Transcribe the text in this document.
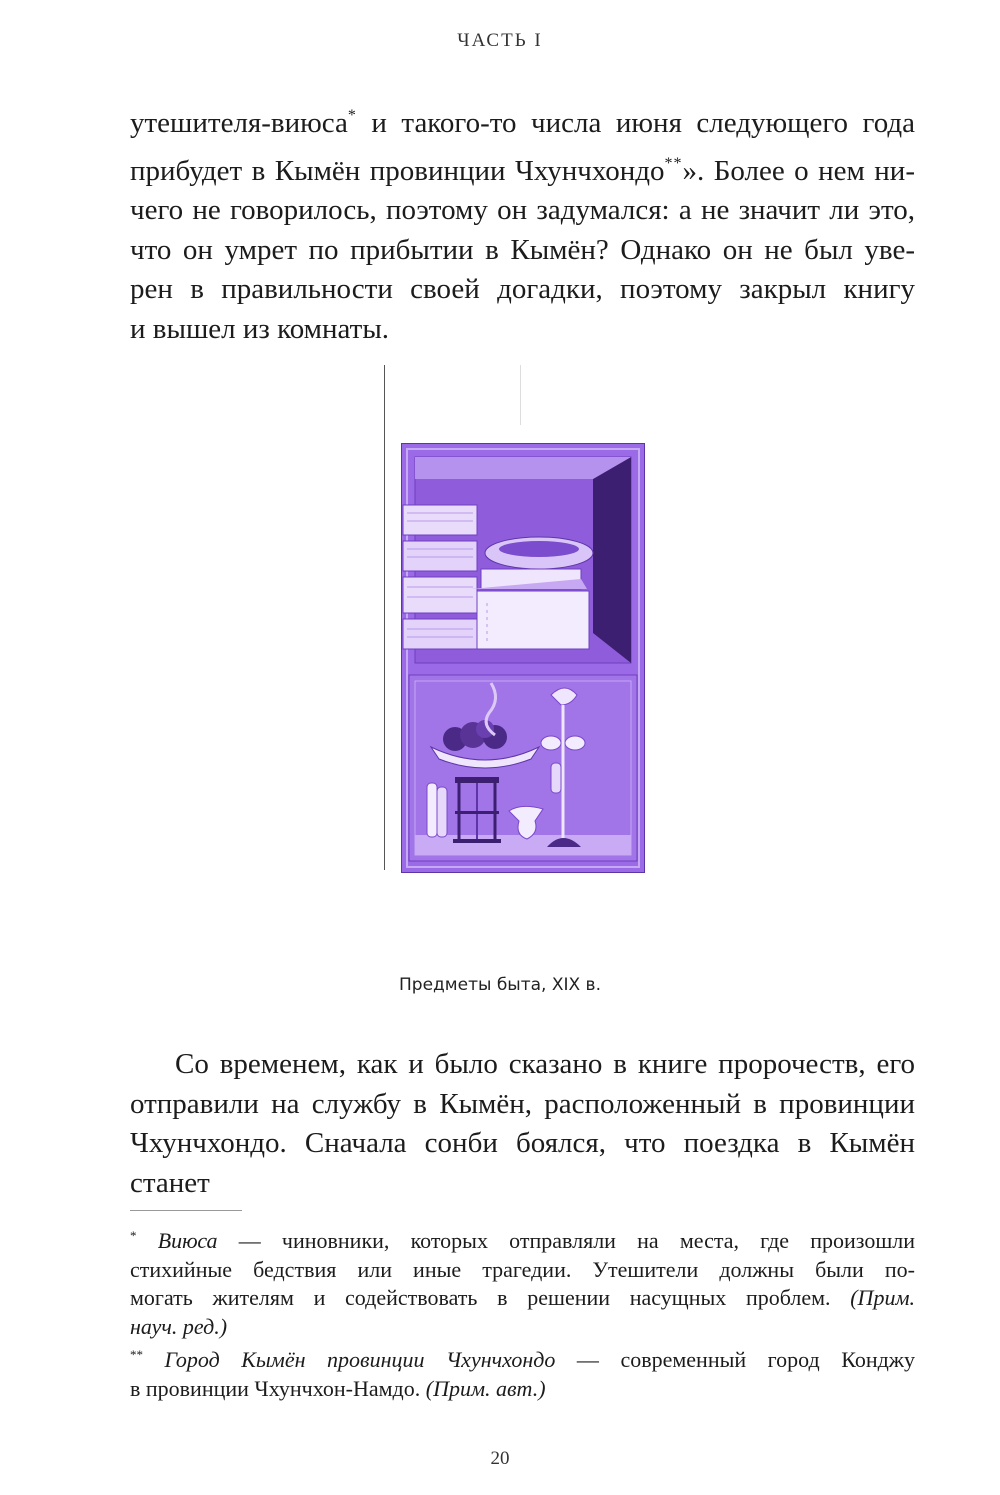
ЧАСТЬ I

утешителя-виюса* и такого-то числа июня следующего года
прибудет в Кымён провинции Чхунчхондо**». Более о нем ни-
чего не говорилось, поэтому он задумался: а не значит ли это,
что он умрет по прибытии в Кымён? Однако он не был уве-
рен в правильности своей догадки, поэтому закрыл книгу
и вышел из комнаты.

Предметы быта, XIX в.

Со временем, как и было сказано в книге пророчеств, его
отправили на службу в Кымён, расположенный в провинции
Чхунчхондо. Сначала сонби боялся, что поездка в Кымён станет

* Виюса — чиновники, которых отправляли на места, где произошли
стихийные бедствия или иные трагедии. Утешители должны были по-
могать жителям и содействовать в решении насущных проблем. (Прим.
науч. ред.)
** Город Кымён провинции Чхунчхондо — современный город Конджу
в провинции Чхунчхон-Намдо. (Прим. авт.)
20
